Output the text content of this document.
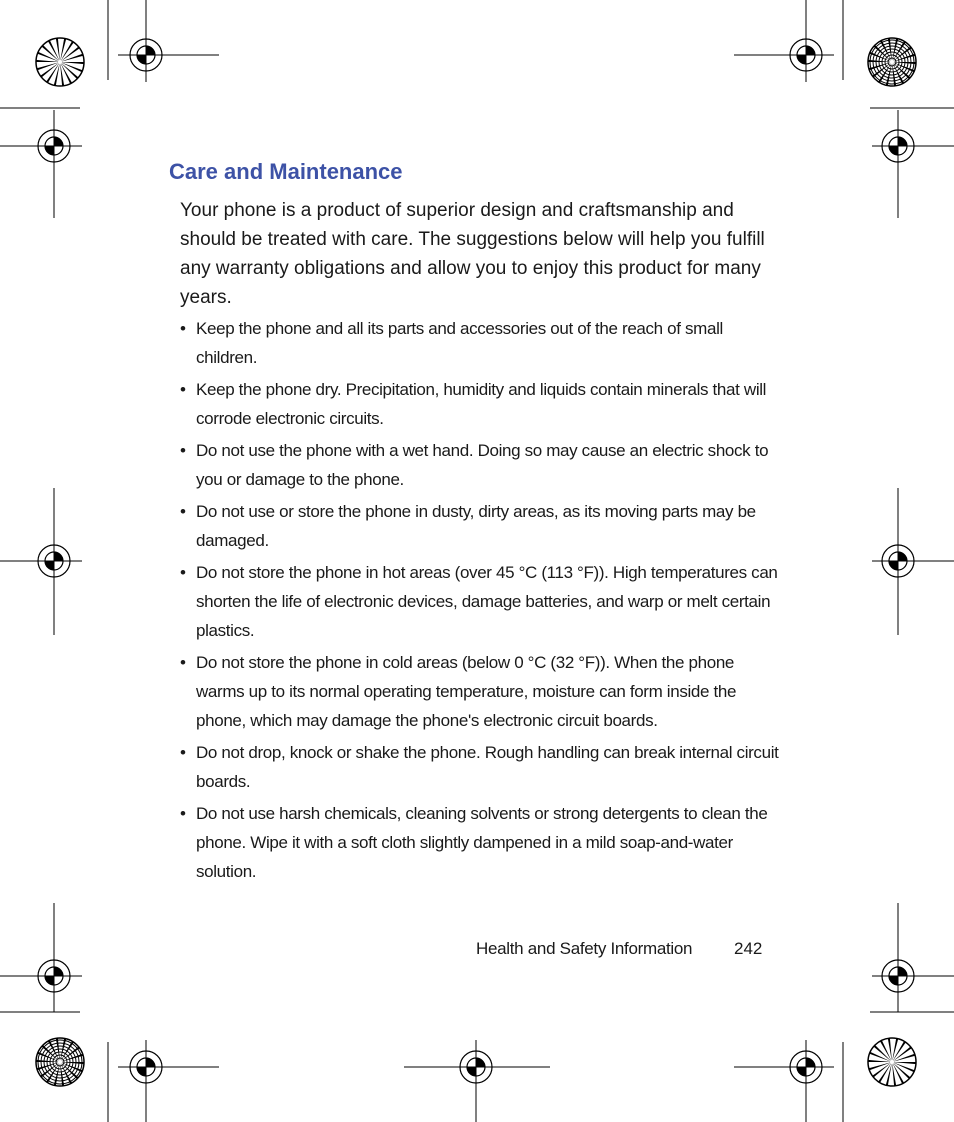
Care and Maintenance

Your phone is a product of superior design and craftsmanship and should be treated with care. The suggestions below will help you fulfill any warranty obligations and allow you to enjoy this product for many years.

• Keep the phone and all its parts and accessories out of the reach of small children.
• Keep the phone dry. Precipitation, humidity and liquids contain minerals that will corrode electronic circuits.
• Do not use the phone with a wet hand. Doing so may cause an electric shock to you or damage to the phone.
• Do not use or store the phone in dusty, dirty areas, as its moving parts may be damaged.
• Do not store the phone in hot areas (over 45 °C (113 °F)). High temperatures can shorten the life of electronic devices, damage batteries, and warp or melt certain plastics.
• Do not store the phone in cold areas (below 0 °C (32 °F)). When the phone warms up to its normal operating temperature, moisture can form inside the phone, which may damage the phone's electronic circuit boards.
• Do not drop, knock or shake the phone. Rough handling can break internal circuit boards.
• Do not use harsh chemicals, cleaning solvents or strong detergents to clean the phone. Wipe it with a soft cloth slightly dampened in a mild soap-and-water solution.
Health and Safety Information 242
